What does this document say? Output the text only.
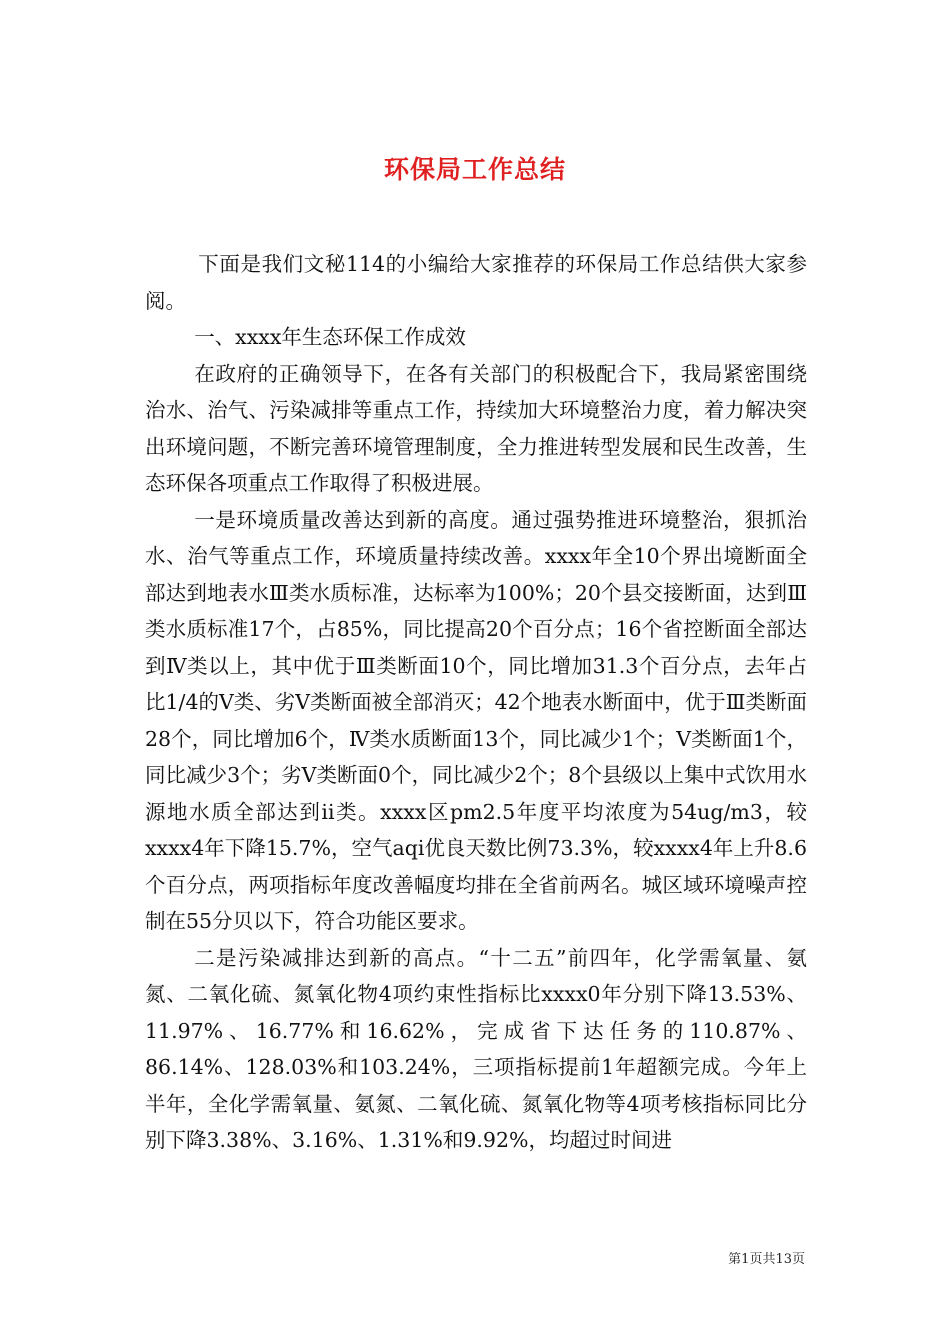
环保局工作总结

下面是我们文秘114的小编给大家推荐的环保局工作总结供大家参阅。

一、xxxx年生态环保工作成效

在政府的正确领导下，在各有关部门的积极配合下，我局紧密围绕治水、治气、污染减排等重点工作，持续加大环境整治力度，着力解决突出环境问题，不断完善环境管理制度，全力推进转型发展和民生改善，生态环保各项重点工作取得了积极进展。

一是环境质量改善达到新的高度。通过强势推进环境整治，狠抓治水、治气等重点工作，环境质量持续改善。xxxx年全10个界出境断面全部达到地表水Ⅲ类水质标准，达标率为100%；20个县交接断面，达到Ⅲ类水质标准17个，占85%，同比提高20个百分点；16个省控断面全部达到Ⅳ类以上，其中优于Ⅲ类断面10个，同比增加31.3个百分点，去年占比1/4的Ⅴ类、劣Ⅴ类断面被全部消灭；42个地表水断面中，优于Ⅲ类断面28个，同比增加6个，Ⅳ类水质断面13个，同比减少1个；Ⅴ类断面1个，同比减少3个；劣Ⅴ类断面0个，同比减少2个；8个县级以上集中式饮用水源地水质全部达到ii类。xxxx区pm2.5年度平均浓度为54ug/m3，较xxxx4年下降15.7%，空气aqi优良天数比例73.3%，较xxxx4年上升8.6个百分点，两项指标年度改善幅度均排在全省前两名。城区域环境噪声控制在55分贝以下，符合功能区要求。

二是污染减排达到新的高点。“十二五”前四年，化学需氧量、氨氮、二氧化硫、氮氧化物4项约束性指标比xxxx0年分别下降13.53%、11.97%、16.77%和16.62%，完成省下达任务的110.87%、86.14%、128.03%和103.24%，三项指标提前1年超额完成。今年上半年，全化学需氧量、氨氮、二氧化硫、氮氧化物等4项考核指标同比分别下降3.38%、3.16%、1.31%和9.92%，均超过时间进

第1页共13页
